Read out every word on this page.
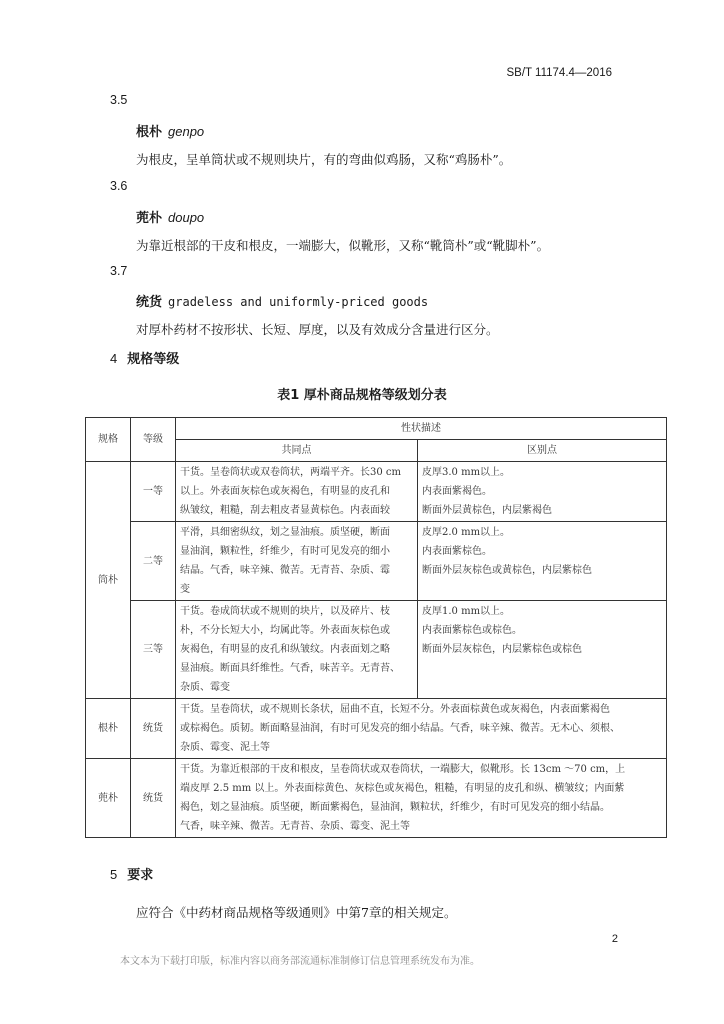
SB/T 11174.4—2016
3.5
根朴 genpo
为根皮，呈单筒状或不规则块片，有的弯曲似鸡肠，又称“鸡肠朴”。
3.6
蔸朴 doupo
为靠近根部的干皮和根皮，一端膨大，似靴形，又称“靴筒朴”或“靴脚朴”。
3.7
统货 gradeless and uniformly-priced goods
对厚朴药材不按形状、长短、厚度，以及有效成分含量进行区分。
4 规格等级
表1 厚朴商品规格等级划分表
规格	等级	性状描述	
		共同点	区别点
筒朴	一等	干货。呈卷筒状或双卷筒状，两端平齐。长30 cm
以上。外表面灰棕色或灰褐色，有明显的皮孔和
纵皱纹，粗糙，刮去粗皮者显黄棕色。内表面较	皮厚3.0 mm以上。
内表面紫褐色。
断面外层黄棕色，内层紫褐色

	二等	平滑，具细密纵纹，划之显油痕。质坚硬，断面
显油润，颗粒性，纤维少，有时可见发亮的细小
结晶。气香，味辛辣、微苦。无青苔、杂质、霉
变	皮厚2.0 mm以上。
内表面紫棕色。
断面外层灰棕色或黄棕色，内层紫棕色

	三等	干货。卷成筒状或不规则的块片，以及碎片、枝
朴，不分长短大小，均属此等。外表面灰棕色或
灰褐色，有明显的皮孔和纵皱纹。内表面划之略
显油痕。断面具纤维性。气香，味苦辛。无青苔、
杂质、霉变	皮厚1.0 mm以上。
内表面紫棕色或棕色。
断面外层灰棕色，内层紫棕色或棕色

根朴	统货	干货。呈卷筒状，或不规则长条状，屈曲不直，长短不分。外表面棕黄色或灰褐色，内表面紫褐色
或棕褐色。质韧。断面略显油润，有时可见发亮的细小结晶。气香，味辛辣、微苦。无木心、须根、
杂质、霉变、泥土等	

蔸朴	统货	干货。为靠近根部的干皮和根皮，呈卷筒状或双卷筒状，一端膨大，似靴形。长 13cm ～70 cm，上
端皮厚 2.5 mm 以上。外表面棕黄色、灰棕色或灰褐色，粗糙，有明显的皮孔和纵、横皱纹；内面紫
褐色，划之显油痕。质坚硬，断面紫褐色，显油润，颗粒状，纤维少，有时可见发亮的细小结晶。
气香，味辛辣、微苦。无青苔、杂质、霉变、泥土等	
5 要求
应符合《中药材商品规格等级通则》中第7章的相关规定。
2
本文本为下载打印版，标准内容以商务部流通标准制修订信息管理系统发布为准。
